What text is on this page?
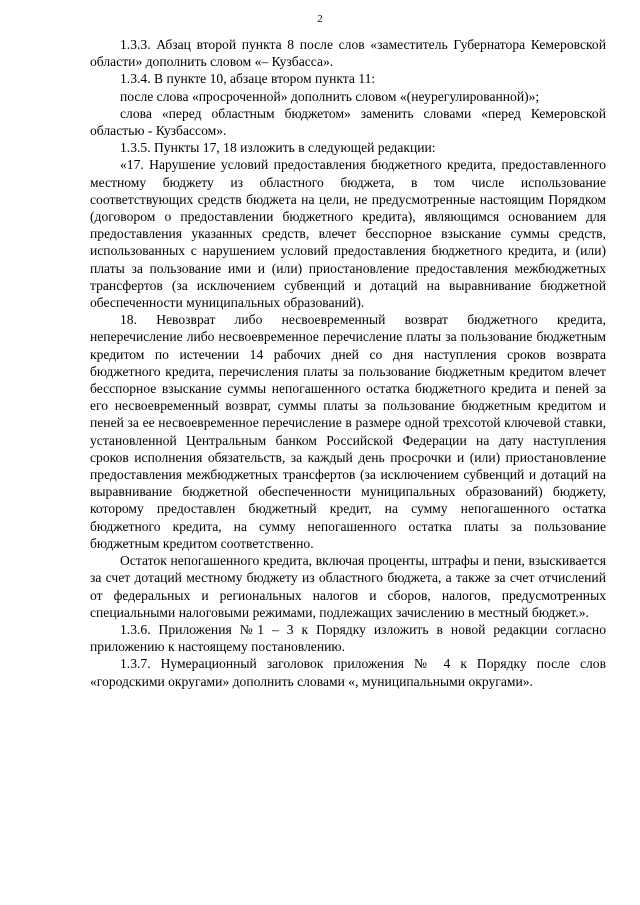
2

1.3.3. Абзац второй пункта 8 после слов «заместитель Губернатора Кемеровской области» дополнить словом «– Кузбасса».

1.3.4. В пункте 10, абзаце втором пункта 11:

после слова «просроченной» дополнить словом «(неурегулированной)»;

слова «перед областным бюджетом» заменить словами «перед Кемеровской областью - Кузбассом».

1.3.5. Пункты 17, 18 изложить в следующей редакции:

«17. Нарушение условий предоставления бюджетного кредита, предоставленного местному бюджету из областного бюджета, в том числе использование соответствующих средств бюджета на цели, не предусмотренные настоящим Порядком (договором о предоставлении бюджетного кредита), являющимся основанием для предоставления указанных средств, влечет бесспорное взыскание суммы средств, использованных с нарушением условий предоставления бюджетного кредита, и (или) платы за пользование ими и (или) приостановление предоставления межбюджетных трансфертов (за исключением субвенций и дотаций на выравнивание бюджетной обеспеченности муниципальных образований).

18. Невозврат либо несвоевременный возврат бюджетного кредита, неперечисление либо несвоевременное перечисление платы за пользование бюджетным кредитом по истечении 14 рабочих дней со дня наступления сроков возврата бюджетного кредита, перечисления платы за пользование бюджетным кредитом влечет бесспорное взыскание суммы непогашенного остатка бюджетного кредита и пеней за его несвоевременный возврат, суммы платы за пользование бюджетным кредитом и пеней за ее несвоевременное перечисление в размере одной трехсотой ключевой ставки, установленной Центральным банком Российской Федерации на дату наступления сроков исполнения обязательств, за каждый день просрочки и (или) приостановление предоставления межбюджетных трансфертов (за исключением субвенций и дотаций на выравнивание бюджетной обеспеченности муниципальных образований) бюджету, которому предоставлен бюджетный кредит, на сумму непогашенного остатка бюджетного кредита, на сумму непогашенного остатка платы за пользование бюджетным кредитом соответственно.

Остаток непогашенного кредита, включая проценты, штрафы и пени, взыскивается за счет дотаций местному бюджету из областного бюджета, а также за счет отчислений от федеральных и региональных налогов и сборов, налогов, предусмотренных специальными налоговыми режимами, подлежащих зачислению в местный бюджет.».

1.3.6. Приложения №1 – 3 к Порядку изложить в новой редакции согласно приложению к настоящему постановлению.

1.3.7. Нумерационный заголовок приложения № 4 к Порядку после слов «городскими округами» дополнить словами «, муниципальными округами».
